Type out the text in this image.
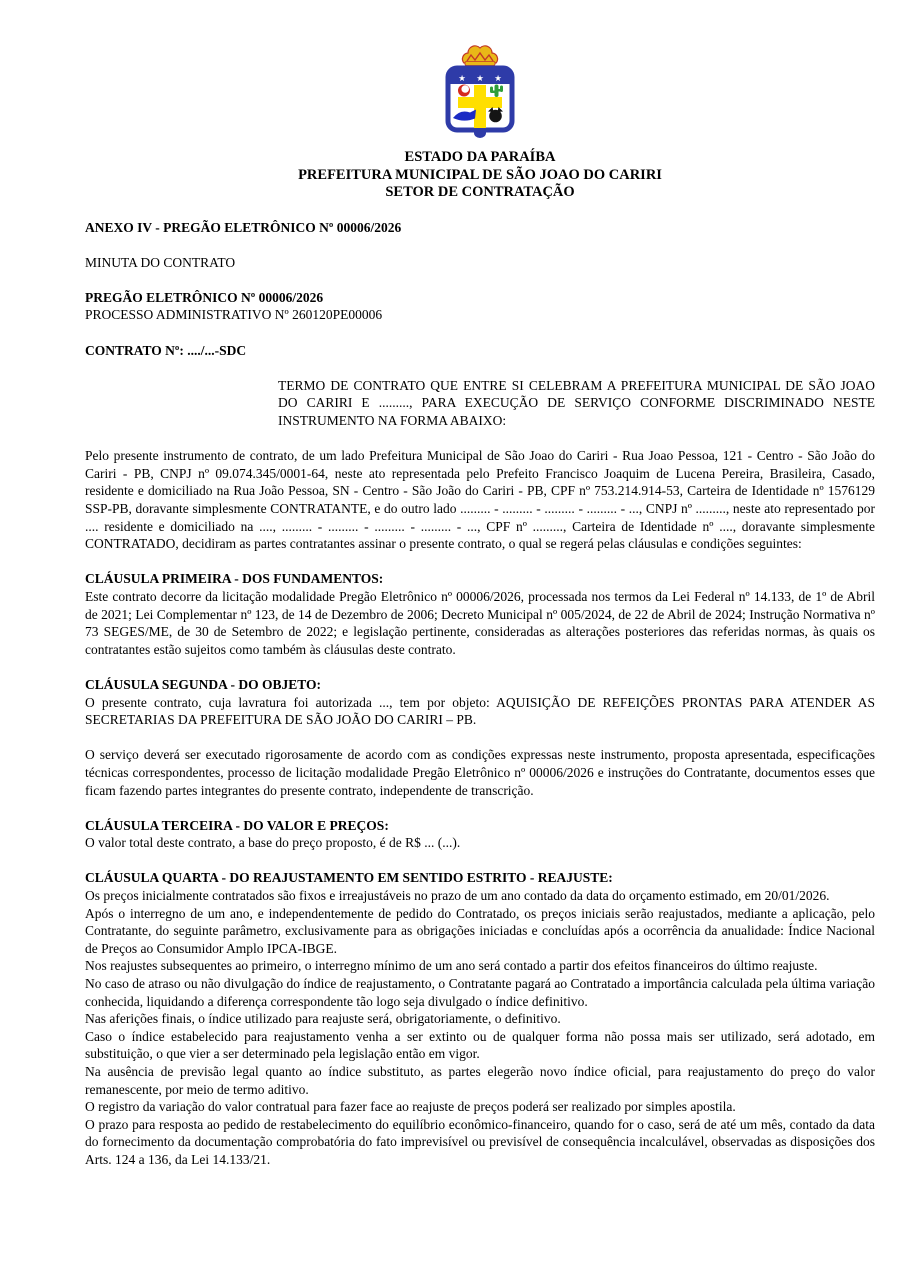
★ ★ ★
ESTADO DA PARAÍBA
PREFEITURA MUNICIPAL DE SÃO JOAO DO CARIRI
SETOR DE CONTRATAÇÃO

ANEXO IV - PREGÃO ELETRÔNICO Nº 00006/2026

MINUTA DO CONTRATO

PREGÃO ELETRÔNICO Nº 00006/2026

PROCESSO ADMINISTRATIVO Nº 260120PE00006

CONTRATO Nº: ..../...-SDC

TERMO DE CONTRATO QUE ENTRE SI CELEBRAM A PREFEITURA MUNICIPAL DE SÃO JOAO DO CARIRI E ........., PARA EXECUÇÃO DE SERVIÇO CONFORME DISCRIMINADO NESTE INSTRUMENTO NA FORMA ABAIXO:

Pelo presente instrumento de contrato, de um lado Prefeitura Municipal de São Joao do Cariri - Rua Joao Pessoa, 121 - Centro - São João do Cariri - PB, CNPJ nº 09.074.345/0001-64, neste ato representada pelo Prefeito Francisco Joaquim de Lucena Pereira, Brasileira, Casado, residente e domiciliado na Rua João Pessoa, SN - Centro - São João do Cariri - PB, CPF nº 753.214.914-53, Carteira de Identidade nº 1576129 SSP-PB, doravante simplesmente CONTRATANTE, e do outro lado ......... - ......... - ......... - ......... - ..., CNPJ nº ........., neste ato representado por .... residente e domiciliado na ...., ......... - ......... - ......... - ......... - ..., CPF nº ........., Carteira de Identidade nº ...., doravante simplesmente CONTRATADO, decidiram as partes contratantes assinar o presente contrato, o qual se regerá pelas cláusulas e condições seguintes:

CLÁUSULA PRIMEIRA - DOS FUNDAMENTOS:

Este contrato decorre da licitação modalidade Pregão Eletrônico nº 00006/2026, processada nos termos da Lei Federal nº 14.133, de 1º de Abril de 2021; Lei Complementar nº 123, de 14 de Dezembro de 2006; Decreto Municipal nº 005/2024, de 22 de Abril de 2024; Instrução Normativa nº 73 SEGES/ME, de 30 de Setembro de 2022; e legislação pertinente, consideradas as alterações posteriores das referidas normas, às quais os contratantes estão sujeitos como também às cláusulas deste contrato.

CLÁUSULA SEGUNDA - DO OBJETO:

O presente contrato, cuja lavratura foi autorizada ..., tem por objeto: AQUISIÇÃO DE REFEIÇÕES PRONTAS PARA ATENDER AS SECRETARIAS DA PREFEITURA DE SÃO JOÃO DO CARIRI – PB.

O serviço deverá ser executado rigorosamente de acordo com as condições expressas neste instrumento, proposta apresentada, especificações técnicas correspondentes, processo de licitação modalidade Pregão Eletrônico nº 00006/2026 e instruções do Contratante, documentos esses que ficam fazendo partes integrantes do presente contrato, independente de transcrição.

CLÁUSULA TERCEIRA - DO VALOR E PREÇOS:

O valor total deste contrato, a base do preço proposto, é de R$ ... (...).

CLÁUSULA QUARTA - DO REAJUSTAMENTO EM SENTIDO ESTRITO - REAJUSTE:

Os preços inicialmente contratados são fixos e irreajustáveis no prazo de um ano contado da data do orçamento estimado, em 20/01/2026.

Após o interregno de um ano, e independentemente de pedido do Contratado, os preços iniciais serão reajustados, mediante a aplicação, pelo Contratante, do seguinte parâmetro, exclusivamente para as obrigações iniciadas e concluídas após a ocorrência da anualidade: Índice Nacional de Preços ao Consumidor Amplo IPCA-IBGE.

Nos reajustes subsequentes ao primeiro, o interregno mínimo de um ano será contado a partir dos efeitos financeiros do último reajuste.

No caso de atraso ou não divulgação do índice de reajustamento, o Contratante pagará ao Contratado a importância calculada pela última variação conhecida, liquidando a diferença correspondente tão logo seja divulgado o índice definitivo.

Nas aferições finais, o índice utilizado para reajuste será, obrigatoriamente, o definitivo.

Caso o índice estabelecido para reajustamento venha a ser extinto ou de qualquer forma não possa mais ser utilizado, será adotado, em substituição, o que vier a ser determinado pela legislação então em vigor.

Na ausência de previsão legal quanto ao índice substituto, as partes elegerão novo índice oficial, para reajustamento do preço do valor remanescente, por meio de termo aditivo.

O registro da variação do valor contratual para fazer face ao reajuste de preços poderá ser realizado por simples apostila.

O prazo para resposta ao pedido de restabelecimento do equilíbrio econômico-financeiro, quando for o caso, será de até um mês, contado da data do fornecimento da documentação comprobatória do fato imprevisível ou previsível de consequência incalculável, observadas as disposições dos Arts. 124 a 136, da Lei 14.133/21.
